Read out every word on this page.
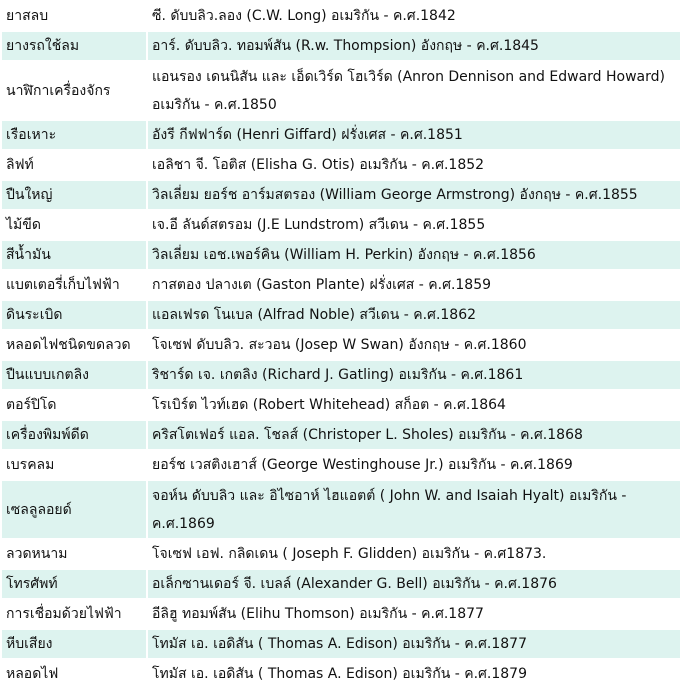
ยาสลบ	ซี. ดับบลิว.ลอง (C.W. Long) อเมริกัน - ค.ศ.1842
ยางรถใช้ลม	อาร์. ดับบลิว. ทอมพ์สัน (R.w. Thompsion) อังกฤษ - ค.ศ.1845
นาฬิกาเครื่องจักร	แอนรอง เดนนิสัน และ เอ็ดเวิร์ด โฮเวิร์ด (Anron Dennison and Edward Howard) อเมริกัน - ค.ศ.1850
เรือเหาะ	อังรี กีฟฟาร์ด (Henri Giffard) ฝรั่งเศส - ค.ศ.1851
ลิฟท์	เอลิชา จี. โอติส (Elisha G. Otis) อเมริกัน - ค.ศ.1852
ปืนใหญ่	วิลเลี่ยม ยอร์ช อาร์มสตรอง (William George Armstrong) อังกฤษ - ค.ศ.1855
ไม้ขีด	เจ.อี ลันด์สตรอม (J.E Lundstrom) สวีเดน - ค.ศ.1855
สีน้ำมัน	วิลเลี่ยม เอช.เพอร์คิน (William H. Perkin) อังกฤษ - ค.ศ.1856
แบตเตอรี่เก็บไฟฟ้า	กาสตอง ปลางเต (Gaston Plante) ฝรั่งเศส - ค.ศ.1859
ดินระเบิด	แอลเฟรด โนเบล (Alfrad Noble) สวีเดน - ค.ศ.1862
หลอดไฟชนิดขดลวด	โจเซฟ ดับบลิว. สะวอน (Josep W Swan) อังกฤษ - ค.ศ.1860
ปืนแบบเกตลิง	ริชาร์ด เจ. เกตลิง (Richard J. Gatling) อเมริกัน - ค.ศ.1861
ตอร์ปิโด	โรเบิร์ต ไวท์เฮด (Robert Whitehead) สก็อต - ค.ศ.1864
เครื่องพิมพ์ดีด	คริสโตเฟอร์ แอล. โชลส์ (Christoper L. Sholes) อเมริกัน - ค.ศ.1868
เบรคลม	ยอร์ช เวสติงเฮาส์ (George Westinghouse Jr.) อเมริกัน - ค.ศ.1869
เซลลูลอยด์	จอห์น ดับบลิว และ อิไซอาห์ ไฮแอตต์ ( John W. and Isaiah Hyalt) อเมริกัน - ค.ศ.1869
ลวดหนาม	โจเซฟ เอฟ. กลิดเดน ( Joseph F. Glidden) อเมริกัน - ค.ศ1873.
โทรศัพท์	อเล็กซานเดอร์ จี. เบลล์ (Alexander G. Bell) อเมริกัน - ค.ศ.1876
การเชื่อมด้วยไฟฟ้า	อีลิฮู ทอมพ์สัน (Elihu Thomson) อเมริกัน - ค.ศ.1877
หีบเสียง	โทมัส เอ. เอดิสัน ( Thomas A. Edison) อเมริกัน - ค.ศ.1877
หลอดไฟ	โทมัส เอ. เอดิสัน ( Thomas A. Edison) อเมริกัน - ค.ศ.1879
